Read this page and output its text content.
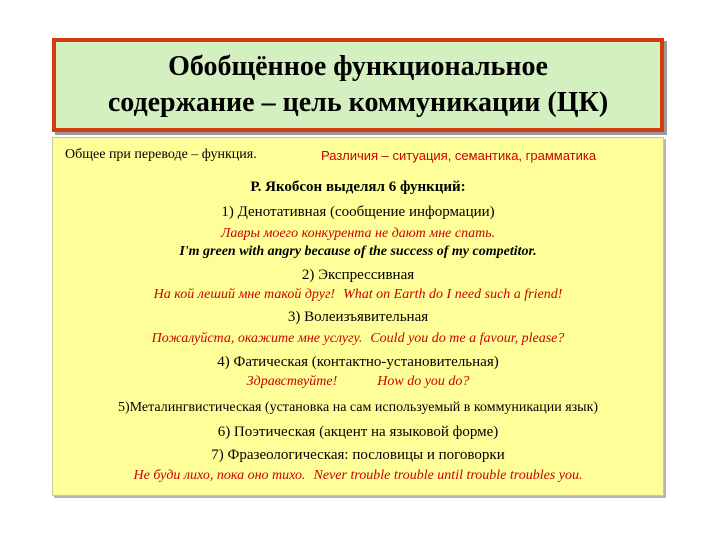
Обобщённое функциональное
содержание – цель коммуникации (ЦК)
Общее при переводе – функция.	Различия – ситуация, семантика, грамматика
Р. Якобсон выделял 6 функций:
1) Денотативная (сообщение информации)
Лавры моего конкурента не дают мне спать.
I'm green with angry because of the success of my competitor.
2) Экспрессивная
На кой леший мне такой друг! What on Earth do I need such a friend!
3) Волеизъявительная
Пожалуйста, окажите мне услугу. Could you do me a favour, please?
4) Фатическая (контактно-установительная)
Здравствуйте!	How do you do?
5)Металингвистическая (установка на сам используемый в коммуникации язык)
6) Поэтическая (акцент на языковой форме)
7) Фразеологическая: пословицы и поговорки
Не буди лихо, пока оно тихо. Never trouble trouble until trouble troubles you.
